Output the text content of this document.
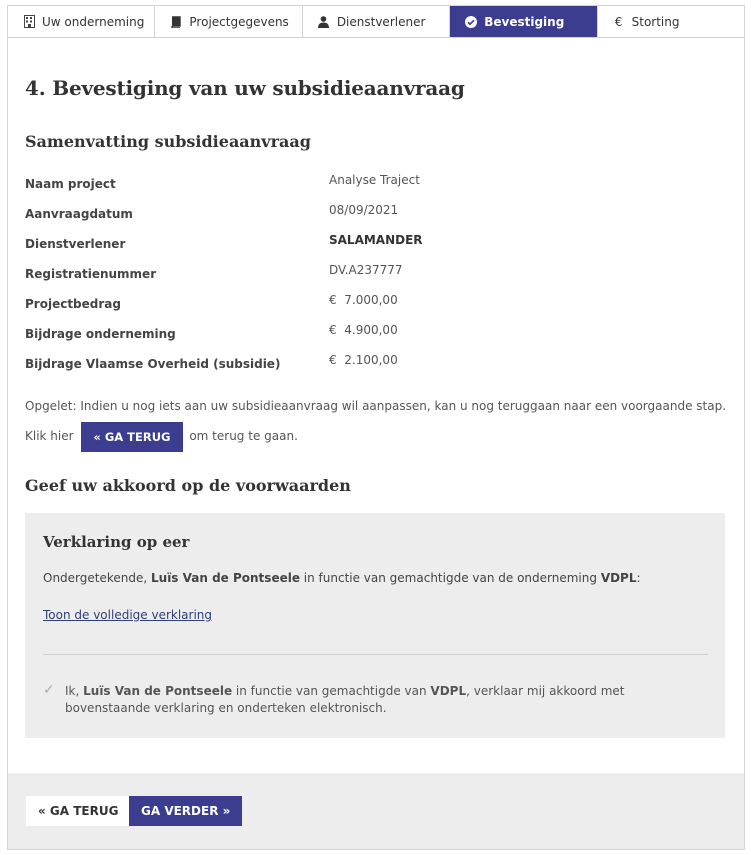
Uw onderneming	Projectgegevens	Dienstverlener	Bevestiging	€ Storting
4. Bevestiging van uw subsidieaanvraag
Samenvatting subsidieaanvraag
Naam project	Analyse Traject
Aanvraagdatum	08/09/2021
Dienstverlener	SALAMANDER
Registratienummer	DV.A237777
Projectbedrag	€  7.000,00
Bijdrage onderneming	€  4.900,00
Bijdrage Vlaamse Overheid (subsidie)	€  2.100,00
Opgelet: Indien u nog iets aan uw subsidieaanvraag wil aanpassen, kan u nog teruggaan naar een voorgaande stap. Klik hier « GA TERUG om terug te gaan.
Geef uw akkoord op de voorwaarden
Verklaring op eer
Ondergetekende, Luïs Van de Pontseele in functie van gemachtigde van de onderneming VDPL:
Toon de volledige verklaring
✓ Ik, Luïs Van de Pontseele in functie van gemachtigde van VDPL, verklaar mij akkoord met bovenstaande verklaring en onderteken elektronisch.
« GA TERUG	GA VERDER »
